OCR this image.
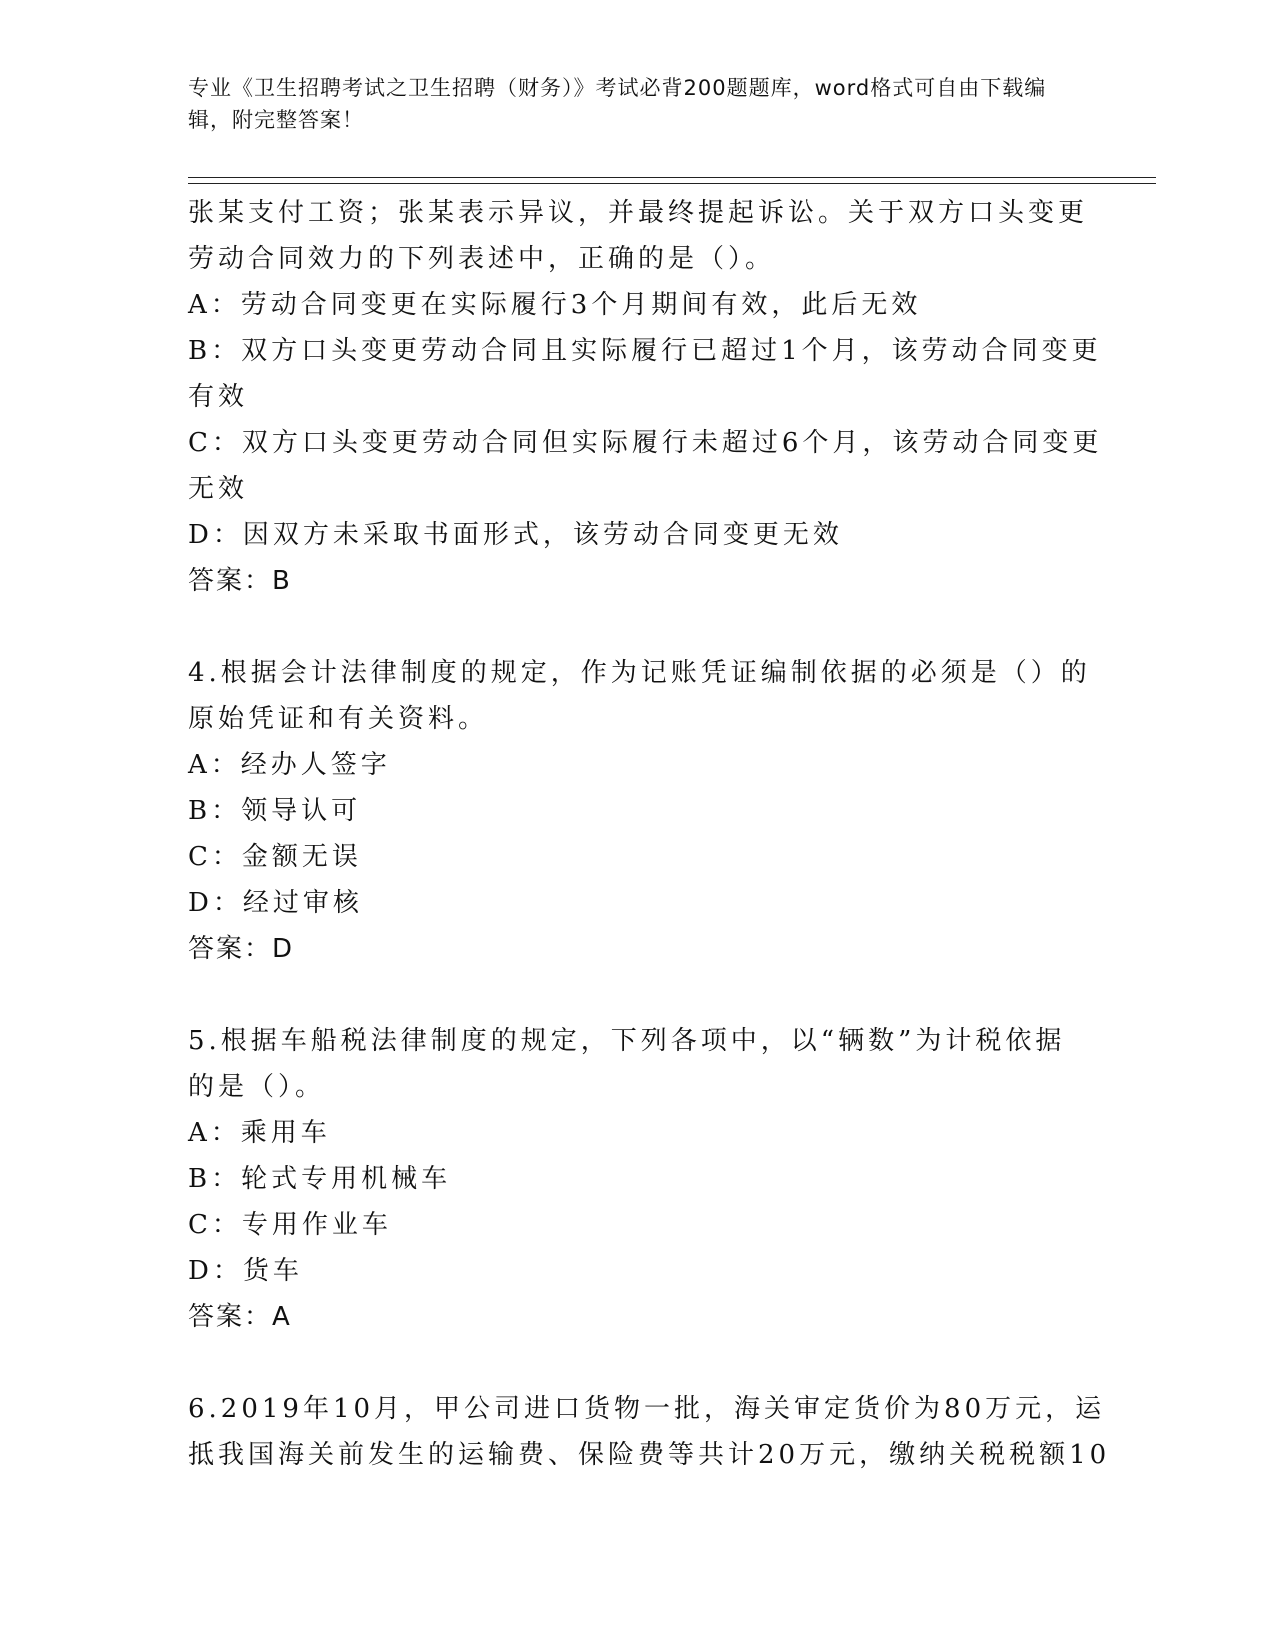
专业《卫生招聘考试之卫生招聘（财务）》考试必背200题题库，word格式可自由下载编辑，附完整答案！
张某支付工资；张某表示异议，并最终提起诉讼。关于双方口头变更
劳动合同效力的下列表述中，正确的是（）。
A：劳动合同变更在实际履行3个月期间有效，此后无效
B：双方口头变更劳动合同且实际履行已超过1个月，该劳动合同变更
有效
C：双方口头变更劳动合同但实际履行未超过6个月，该劳动合同变更
无效
D：因双方未采取书面形式，该劳动合同变更无效
答案：B
4.根据会计法律制度的规定，作为记账凭证编制依据的必须是（）的
原始凭证和有关资料。
A：经办人签字
B：领导认可
C：金额无误
D：经过审核
答案：D
5.根据车船税法律制度的规定，下列各项中，以“辆数”为计税依据
的是（）。
A：乘用车
B：轮式专用机械车
C：专用作业车
D：货车
答案：A
6.2019年10月，甲公司进口货物一批，海关审定货价为80万元，运
抵我国海关前发生的运输费、保险费等共计20万元，缴纳关税税额10
